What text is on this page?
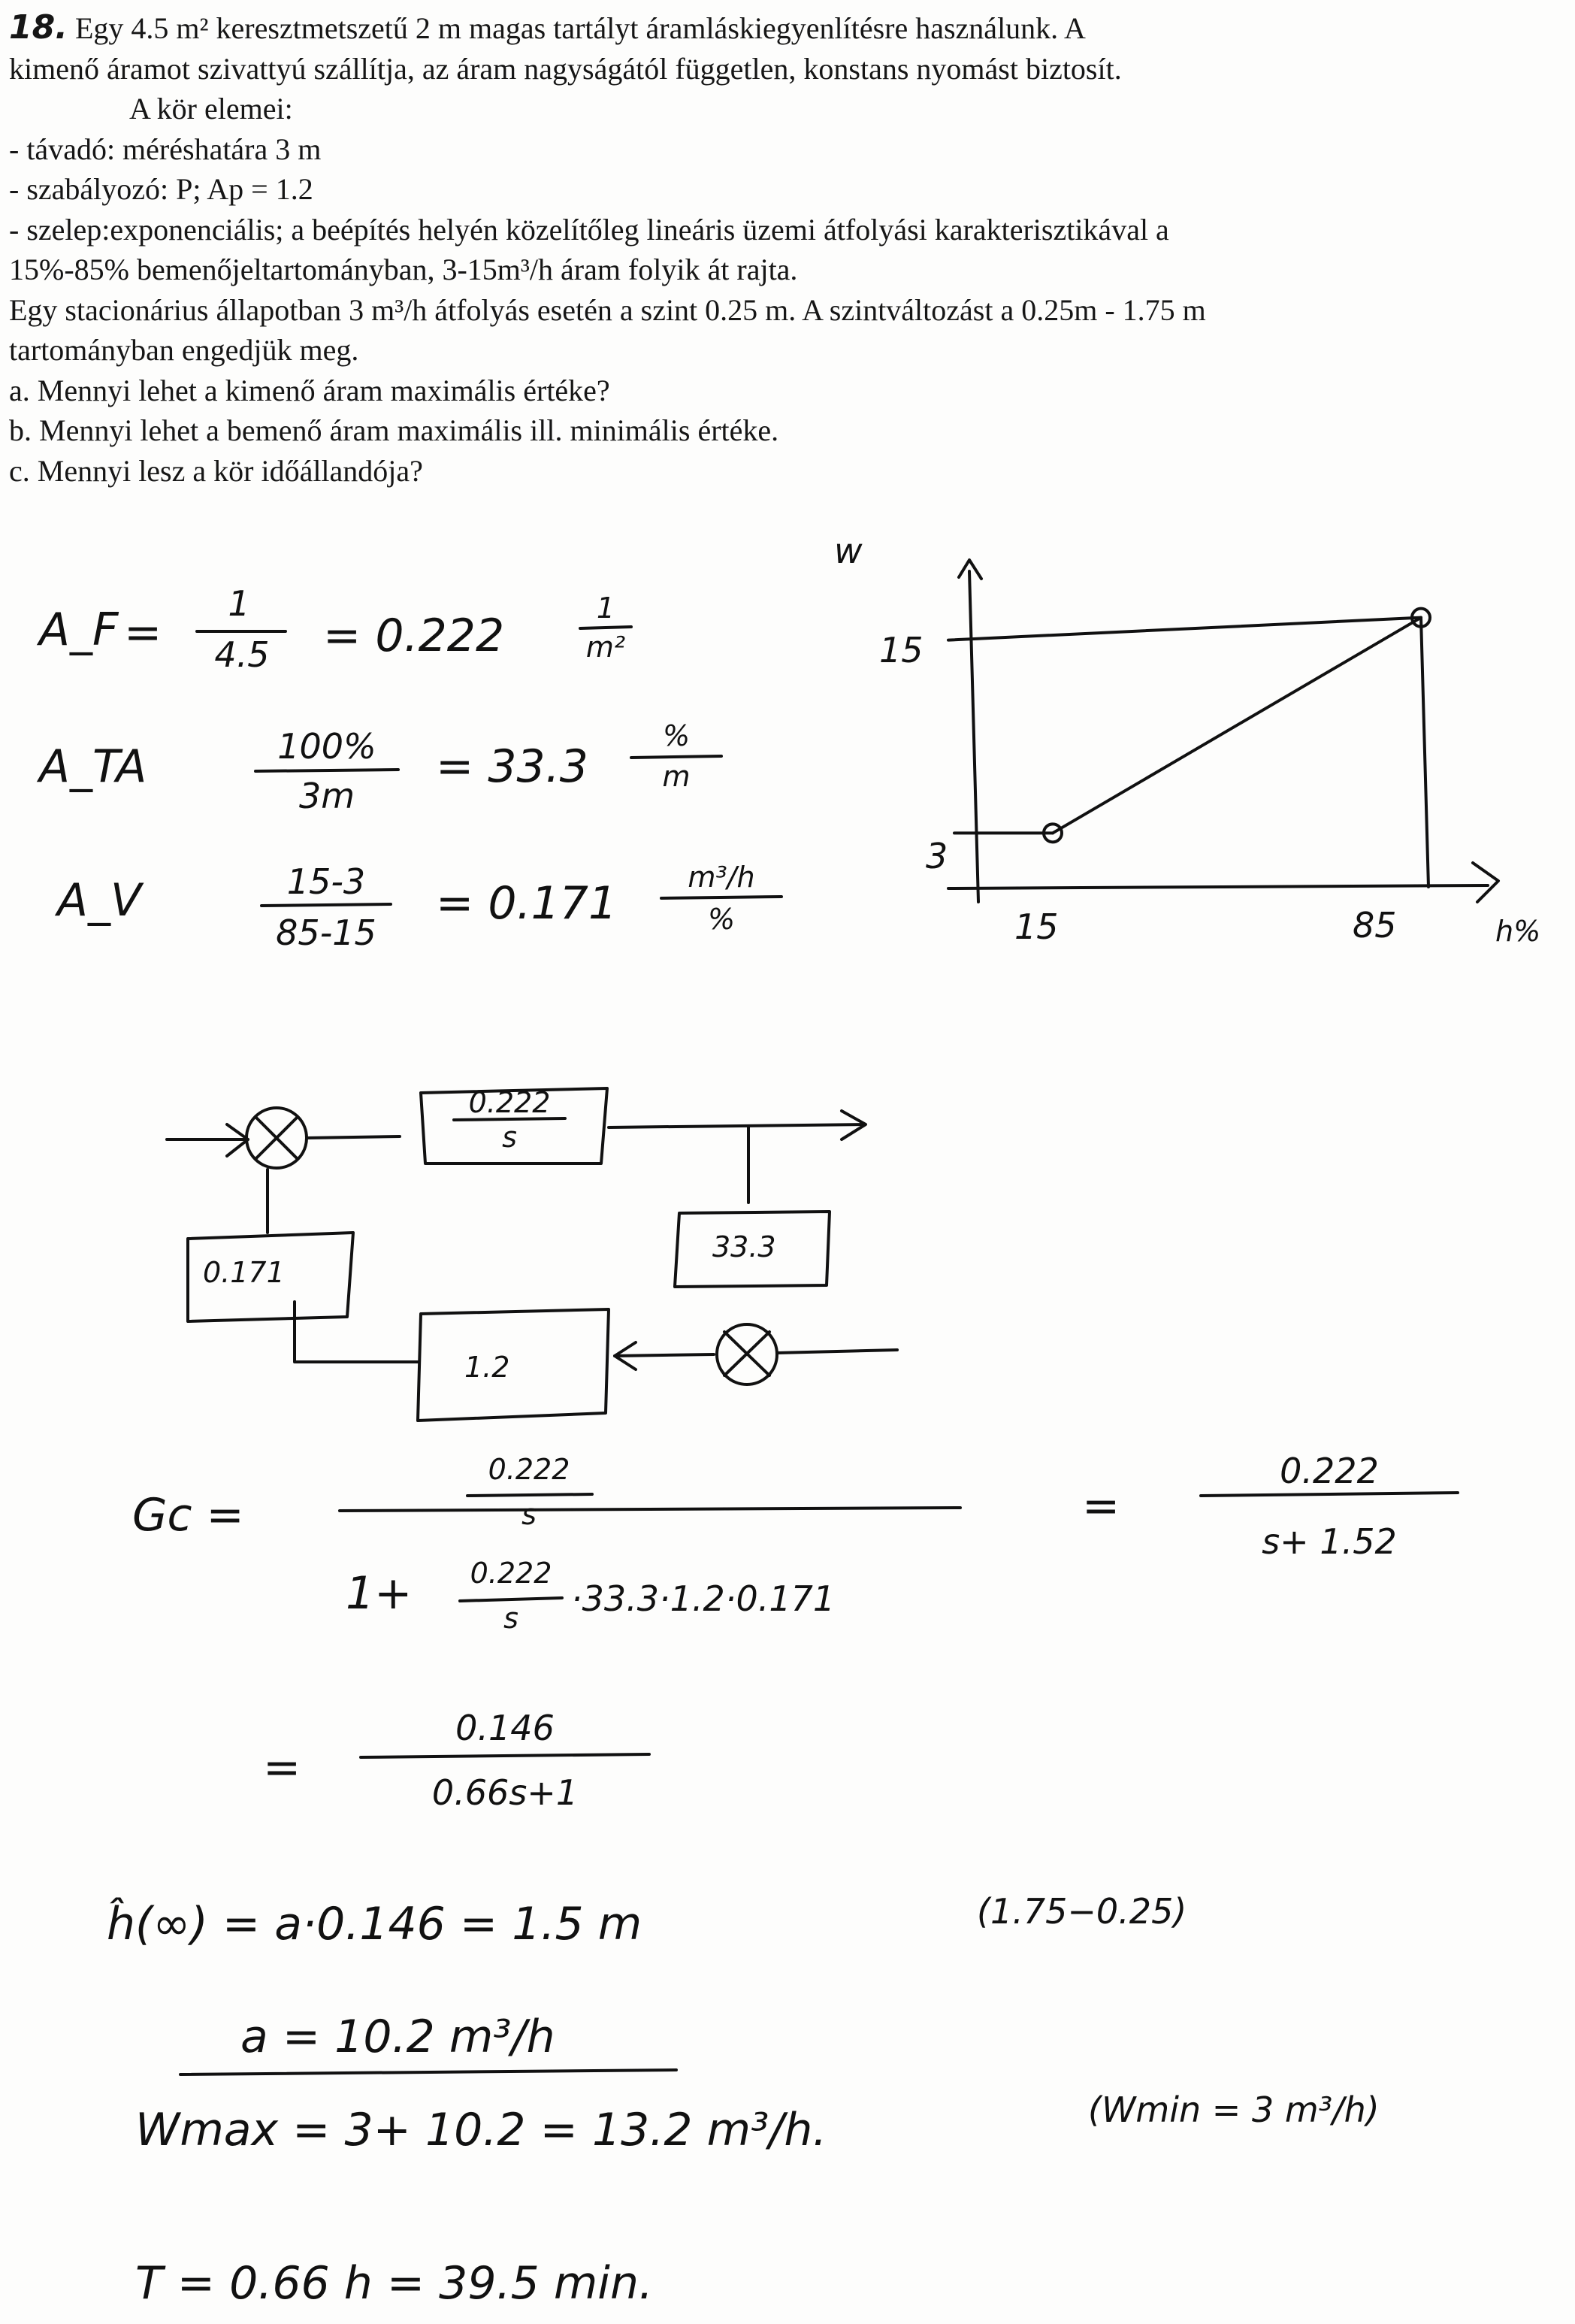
18. Egy 4.5 m² keresztmetszetű 2 m magas tartályt áramláskiegyenlítésre használunk. A

kimenő áramot szivattyú szállítja, az áram nagyságától független, konstans nyomást biztosít.

A kör elemei:

- távadó: méréshatára 3 m

- szabályozó: P; Ap = 1.2

- szelep:exponenciális; a beépítés helyén közelítőleg lineáris üzemi átfolyási karakterisztikával a

15%-85% bemenőjeltartományban, 3-15m³/h áram folyik át rajta.

Egy stacionárius állapotban 3 m³/h átfolyás esetén a szint 0.25 m. A szintváltozást a 0.25m - 1.75 m

tartományban engedjük meg.

a. Mennyi lehet a kimenő áram maximális értéke?

b. Mennyi lehet a bemenő áram maximális ill. minimális értéke.

c. Mennyi lesz a kör időállandója?

A_F =
1
4.5	= 0.222
1
m²
A_TA	100%
3m
= 33.3
%
m
A_V	15-3
85-15
= 0.171	m³/h
%
w
15
3
15	85	h%
0.222
s
33.3
1.2
0.171
Gc =
0.222
s
1+	0.222
s	·33.3·1.2·0.171
=
0.222
s+ 1.52
=
0.146
0.66s+1
ĥ(∞) = a·0.146 = 1.5 m	(1.75−0.25)
a = 10.2 m³/h
Wmax = 3+ 10.2 = 13.2 m³/h.	(Wmin = 3 m³/h)
T = 0.66 h = 39.5 min.
